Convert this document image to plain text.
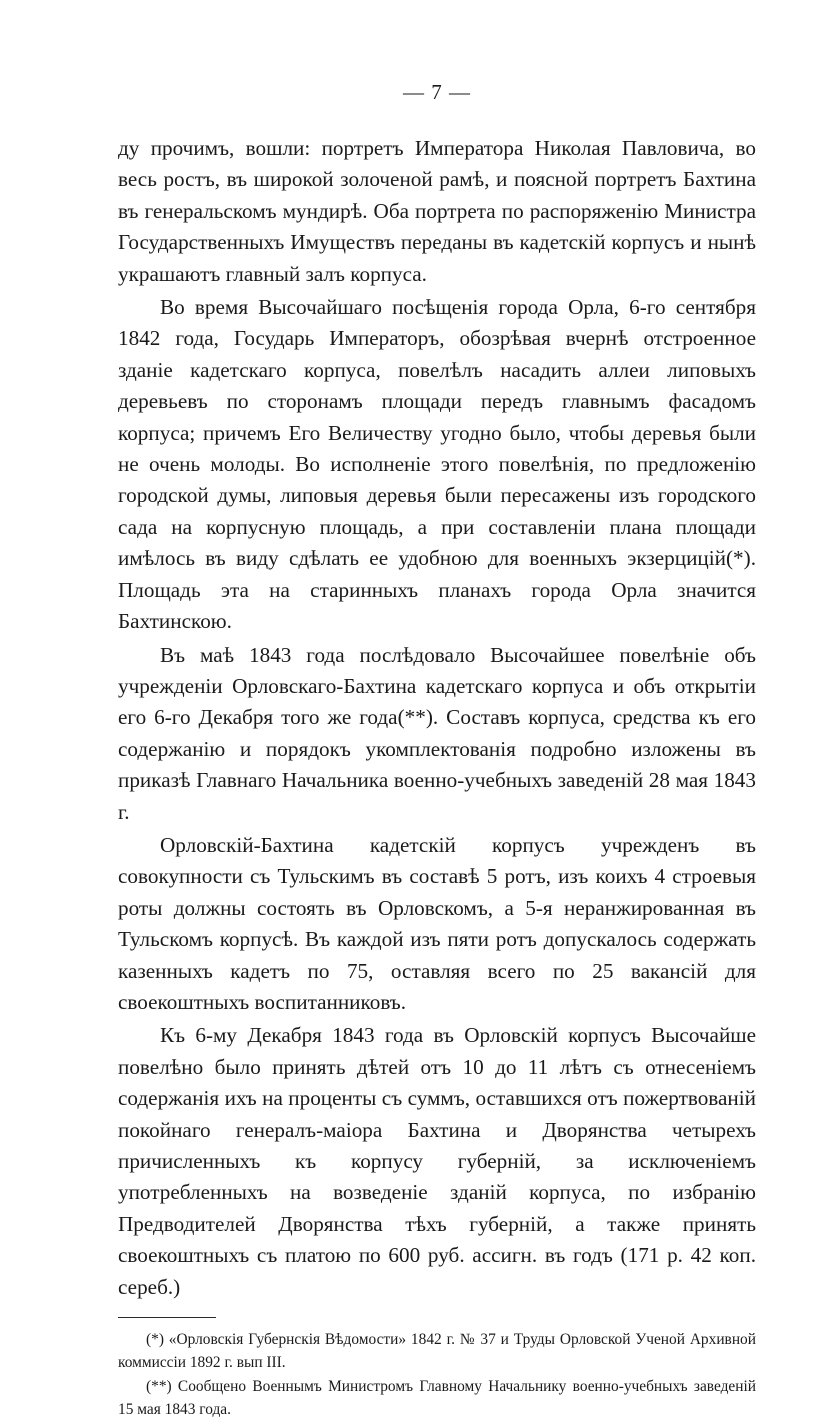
— 7 —

ду прочимъ, вошли: портретъ Императора Николая Павловича, во весь ростъ, въ широкой золоченой рамѣ, и поясной портретъ Бахтина въ генеральскомъ мундирѣ. Оба портрета по распоряженію Министра Государственныхъ Имуществъ переданы въ кадетскій корпусъ и нынѣ украшаютъ главный залъ корпуса.

Во время Высочайшаго посѣщенія города Орла, 6-го сентября 1842 года, Государь Императоръ, обозрѣвая вчернѣ отстроенное зданіе кадетскаго корпуса, повелѣлъ насадить аллеи липовыхъ деревьевъ по сторонамъ площади передъ главнымъ фасадомъ корпуса; причемъ Его Величеству угодно было, чтобы деревья были не очень молоды. Во исполненіе этого повелѣнія, по предложенію городской думы, липовыя деревья были пересажены изъ городского сада на корпусную площадь, а при составленіи плана площади имѣлось въ виду сдѣлать ее удобною для военныхъ экзерцицій(*). Площадь эта на старинныхъ планахъ города Орла значится Бахтинскою.

Въ маѣ 1843 года послѣдовало Высочайшее повелѣніе объ учрежденіи Орловскаго-Бахтина кадетскаго корпуса и объ открытіи его 6-го Декабря того же года(**). Составъ корпуса, средства къ его содержанію и порядокъ укомплектованія подробно изложены въ приказѣ Главнаго Начальника военно-учебныхъ заведеній 28 мая 1843 г.

Орловскій-Бахтина кадетскій корпусъ учрежденъ въ совокупности съ Тульскимъ въ составѣ 5 ротъ, изъ коихъ 4 строевыя роты должны состоять въ Орловскомъ, а 5-я неранжированная въ Тульскомъ корпусѣ. Въ каждой изъ пяти ротъ допускалось содержать казенныхъ кадетъ по 75, оставляя всего по 25 вакансій для своекоштныхъ воспитанниковъ.

Къ 6-му Декабря 1843 года въ Орловскій корпусъ Высочайше повелѣно было принять дѣтей отъ 10 до 11 лѣтъ съ отнесеніемъ содержанія ихъ на проценты съ суммъ, оставшихся отъ пожертвованій покойнаго генералъ-маіора Бахтина и Дворянства четырехъ причисленныхъ къ корпусу губерній, за исключеніемъ употребленныхъ на возведеніе зданій корпуса, по избранію Предводителей Дворянства тѣхъ губерній, а также принять своекоштныхъ съ платою по 600 руб. ассигн. въ годъ (171 р. 42 коп. сереб.)

(*) «Орловскія Губернскія Вѣдомости» 1842 г. № 37 и Труды Орловской Ученой Архивной коммиссіи 1892 г. вып III.

(**) Сообщено Военнымъ Министромъ Главному Начальнику военно-учебныхъ заведеній 15 мая 1843 года.
